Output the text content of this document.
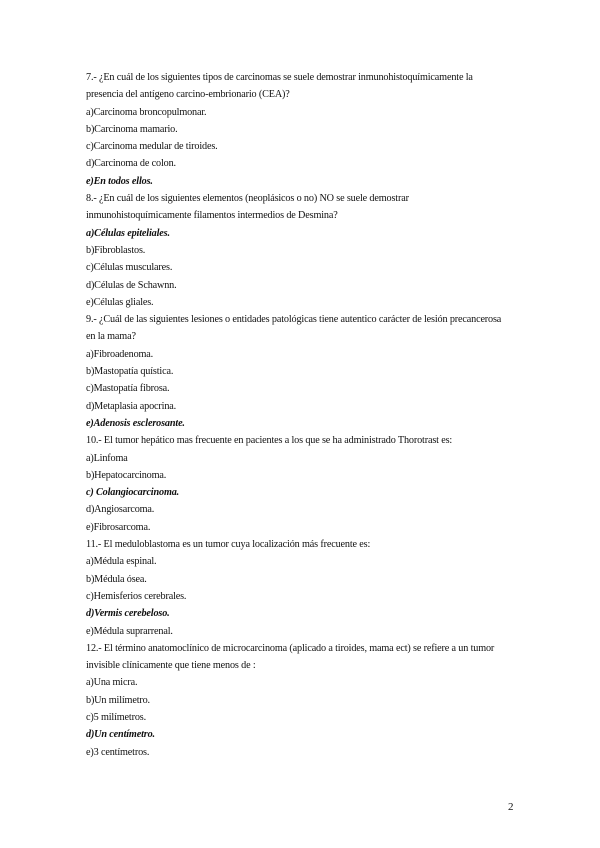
7.- ¿En cuál de los siguientes tipos de carcinomas se suele demostrar inmunohistoquímicamente la
presencia del antígeno carcino-embrionario (CEA)?
a)Carcinoma broncopulmonar.
b)Carcinoma mamario.
c)Carcinoma medular de tiroides.
d)Carcinoma de colon.
e)En todos ellos.
8.- ¿En cuál de los siguientes elementos (neoplásicos o no) NO se suele demostrar
inmunohistoquímicamente filamentos intermedios de Desmina?
a)Células epiteliales.
b)Fibroblastos.
c)Células musculares.
d)Células de Schawnn.
e)Células gliales.
9.- ¿Cuál de las siguientes lesiones o entidades patológicas tiene autentico carácter de lesión precancerosa
en la mama?
a)Fibroadenoma.
b)Mastopatía quística.
c)Mastopatía fibrosa.
d)Metaplasia apocrina.
e)Adenosis esclerosante.
10.- El tumor hepático mas frecuente en pacientes a los que se ha administrado Thorotrast es:
a)Linfoma
b)Hepatocarcinoma.
c) Colangiocarcinoma.
d)Angiosarcoma.
e)Fibrosarcoma.
11.- El meduloblastoma es un tumor cuya localización más frecuente es:
a)Médula espinal.
b)Médula ósea.
c)Hemisferios cerebrales.
d)Vermis cerebeloso.
e)Médula suprarrenal.
12.- El término anatomoclínico de microcarcinoma (aplicado a tiroides, mama ect) se refiere a un tumor
invisible clínicamente que tiene menos de :
a)Una micra.
b)Un milímetro.
c)5 milímetros.
d)Un centímetro.
e)3 centímetros.
2
